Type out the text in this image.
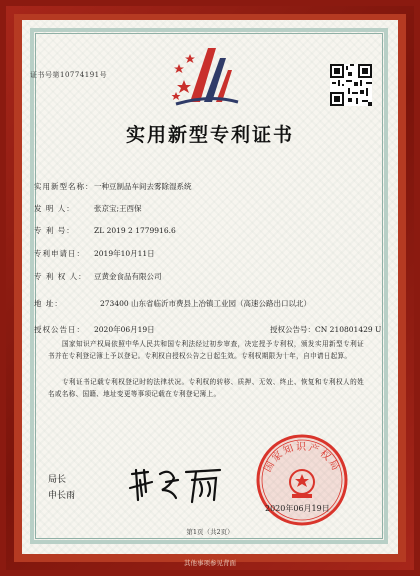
证书号第10774191号
实用新型专利证书
实用新型名称：一种豆制品车间去雾除湿系统
发 明 人：	张京宝;王西保
专 利 号：	ZL 2019 2 1779916.6
专利申请日： 2019年10月11日
专 利 权 人： 豆黄金食品有限公司
地 址：	273400 山东省临沂市费县上冶镇工业园（高速公路出口以北）
授权公告日： 2020年06月19日	授权公告号：CN 210801429 U
国家知识产权局依照中华人民共和国专利法经过初步审查，决定授予专利权，颁发实用新型专利证书并在专利登记簿上予以登记。专利权自授权公告之日起生效。专利权期限为十年，自申请日起算。
专利证书记载专利权登记时的法律状况。专利权的转移、质押、无效、终止、恢复和专利权人的姓名或名称、国籍、地址变更等事项记载在专利登记簿上。
局长
申长雨
国家知识产权局
2020年06月19日
第1页（共2页）
其他事项参见背面
